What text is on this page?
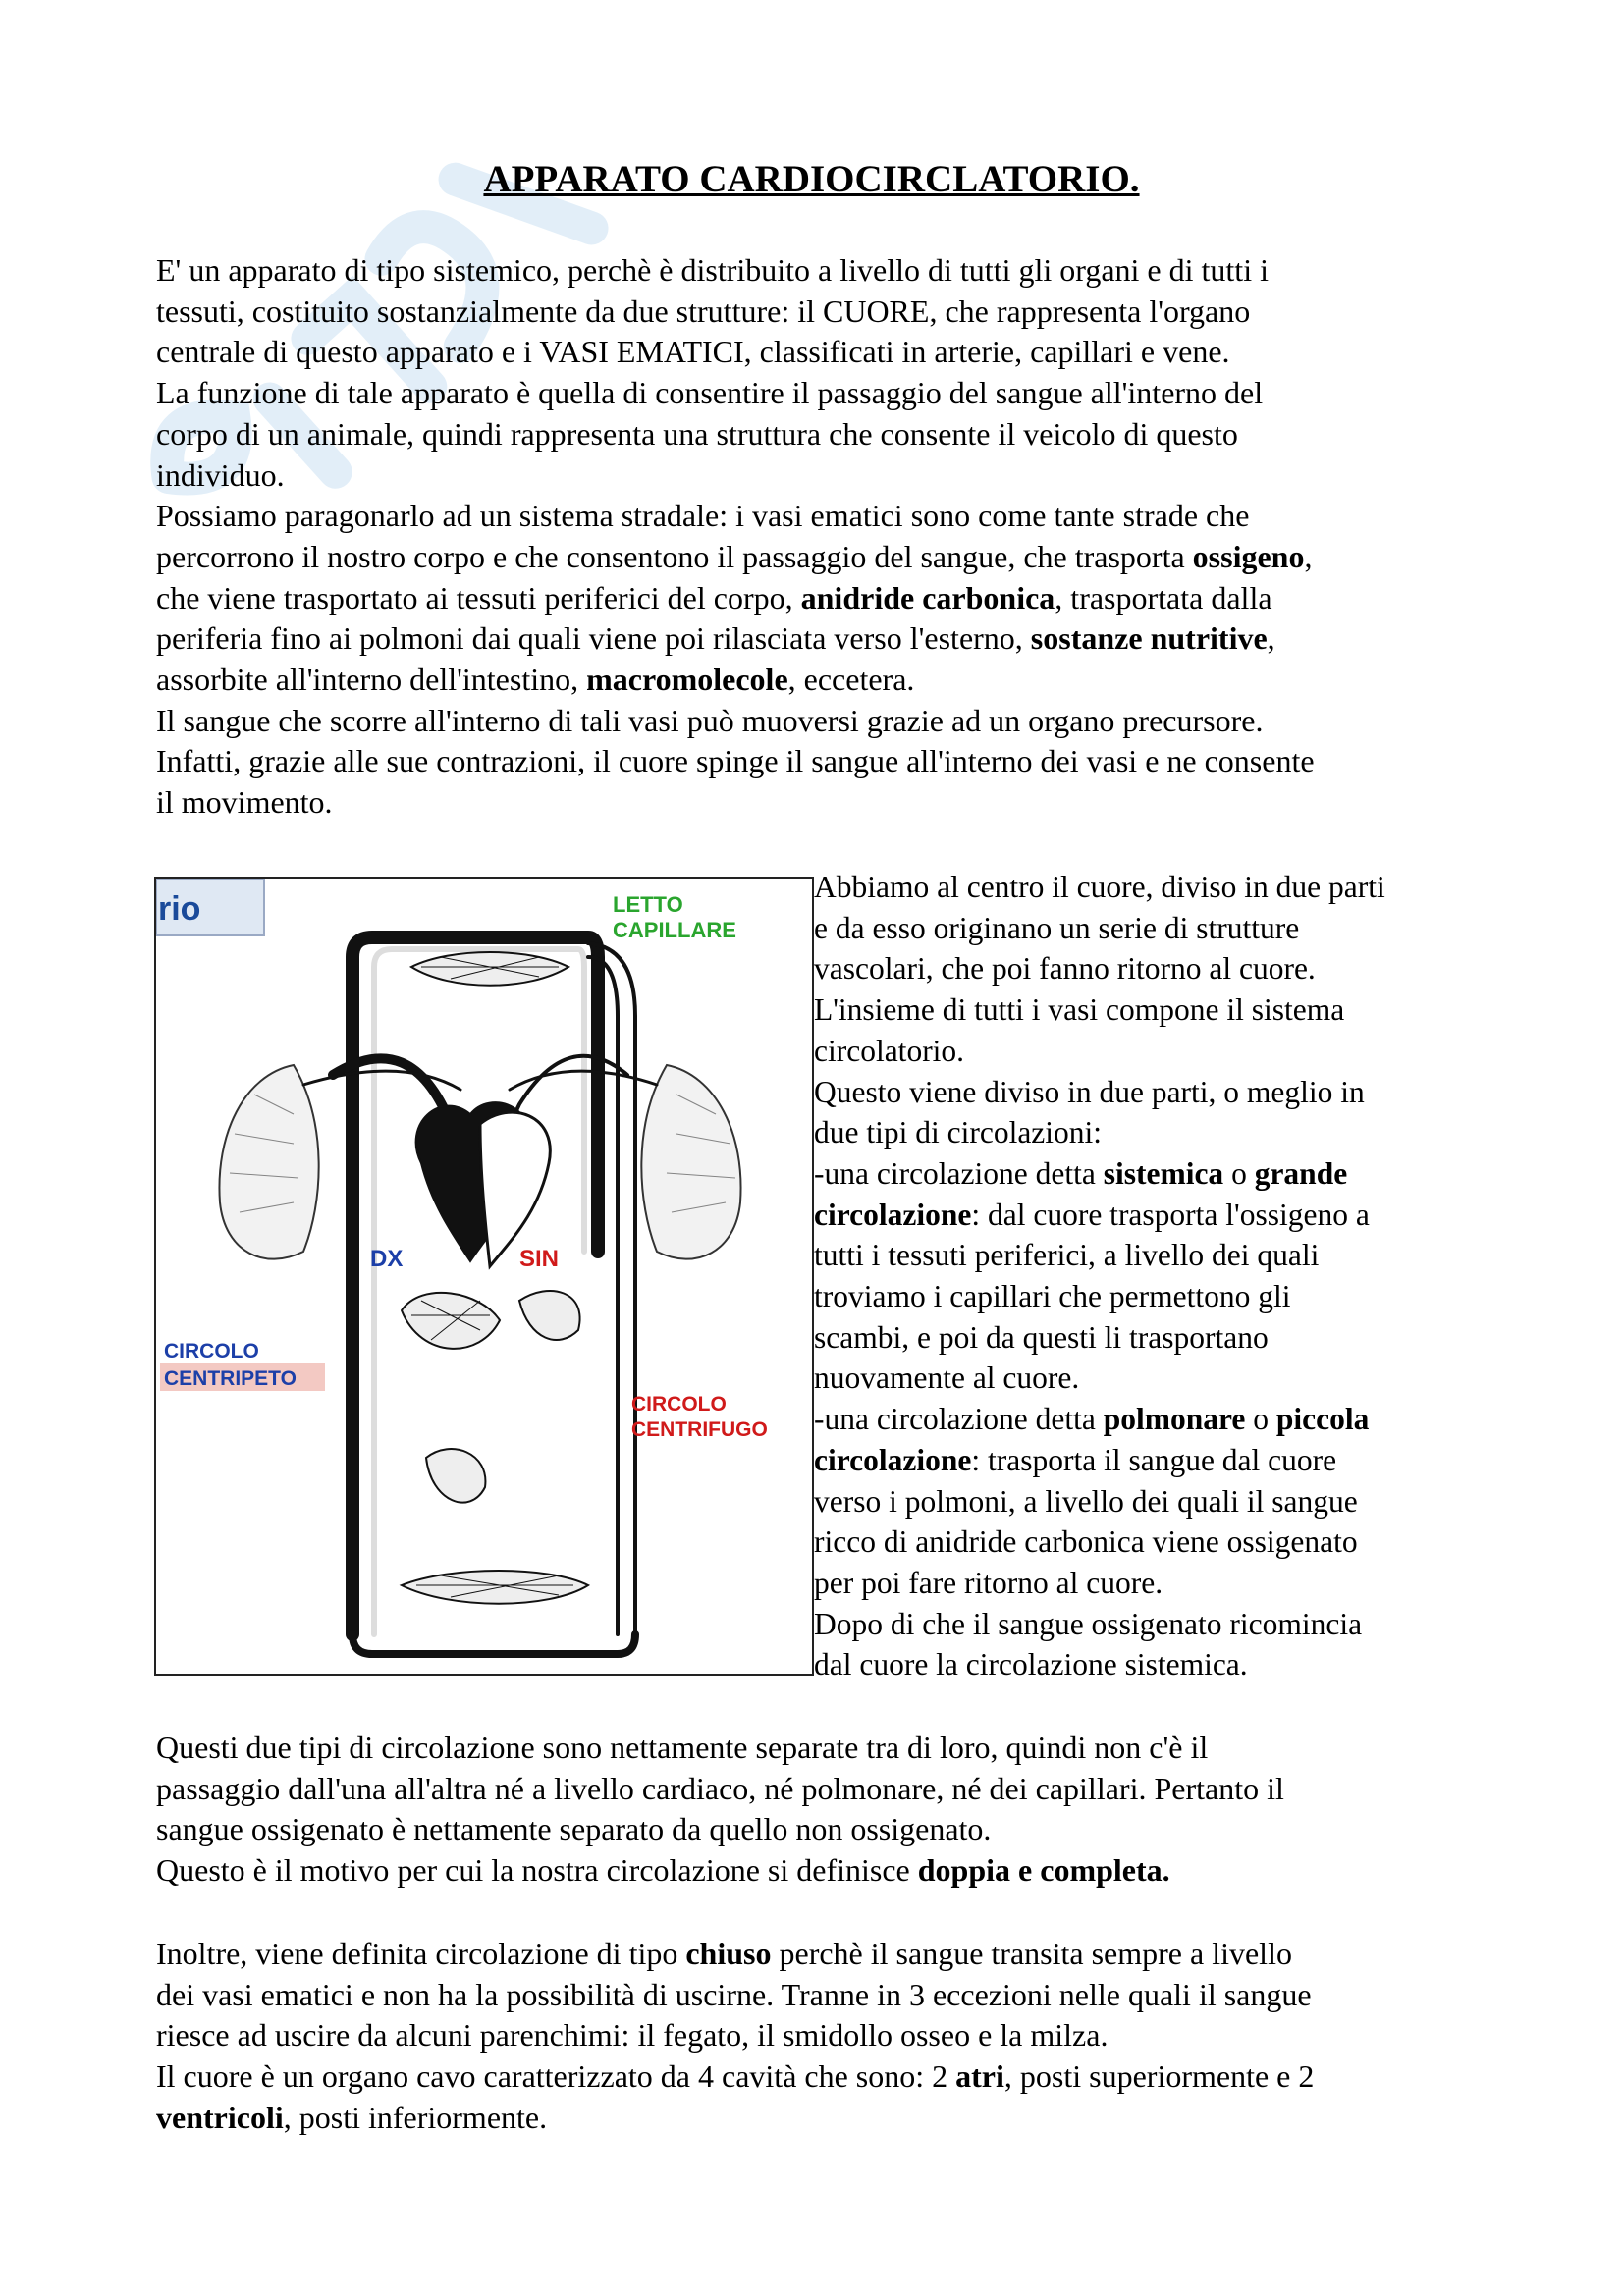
APPARATO CARDIOCIRCLATORIO.

E' un apparato di tipo sistemico, perchè è distribuito a livello di tutti gli organi e di tutti i
tessuti, costituito sostanzialmente da due strutture: il CUORE, che rappresenta l'organo
centrale di questo apparato e i VASI EMATICI, classificati in arterie, capillari e vene.
La funzione di tale apparato è quella di consentire il passaggio del sangue all'interno del
corpo di un animale, quindi rappresenta una struttura che consente il veicolo di questo
individuo.
Possiamo paragonarlo ad un sistema stradale: i vasi ematici sono come tante strade che
percorrono il nostro corpo e che consentono il passaggio del sangue, che trasporta ossigeno,
che viene trasportato ai tessuti periferici del corpo, anidride carbonica, trasportata dalla
periferia fino ai polmoni dai quali viene poi rilasciata verso l'esterno, sostanze nutritive,
assorbite all'interno dell'intestino, macromolecole, eccetera.
Il sangue che scorre all'interno di tali vasi può muoversi grazie ad un organo precursore.
Infatti, grazie alle sue contrazioni, il cuore spinge il sangue all'interno dei vasi e ne consente
il movimento.

rio	LETTO
CAPILLARE
DX	SIN
CIRCOLO
CENTRIPETO
CIRCOLO
CENTRIFUGO

Abbiamo al centro il cuore, diviso in due parti
e da esso originano un serie di strutture
vascolari, che poi fanno ritorno al cuore.
L'insieme di tutti i vasi compone il sistema
circolatorio.
Questo viene diviso in due parti, o meglio in
due tipi di circolazioni:
-una circolazione detta sistemica o grande
circolazione: dal cuore trasporta l'ossigeno a
tutti i tessuti periferici, a livello dei quali
troviamo i capillari che permettono gli
scambi, e poi da questi li trasportano
nuovamente al cuore.
-una circolazione detta polmonare o piccola
circolazione: trasporta il sangue dal cuore
verso i polmoni, a livello dei quali il sangue
ricco di anidride carbonica viene ossigenato
per poi fare ritorno al cuore.
Dopo di che il sangue ossigenato ricomincia
dal cuore la circolazione sistemica.

Questi due tipi di circolazione sono nettamente separate tra di loro, quindi non c'è il
passaggio dall'una all'altra né a livello cardiaco, né polmonare, né dei capillari. Pertanto il
sangue ossigenato è nettamente separato da quello non ossigenato.
Questo è il motivo per cui la nostra circolazione si definisce doppia e completa.

Inoltre, viene definita circolazione di tipo chiuso perchè il sangue transita sempre a livello
dei vasi ematici e non ha la possibilità di uscirne. Tranne in 3 eccezioni nelle quali il sangue
riesce ad uscire da alcuni parenchimi: il fegato, il smidollo osseo e la milza.
Il cuore è un organo cavo caratterizzato da 4 cavità che sono: 2 atri, posti superiormente e 2
ventricoli, posti inferiormente.
